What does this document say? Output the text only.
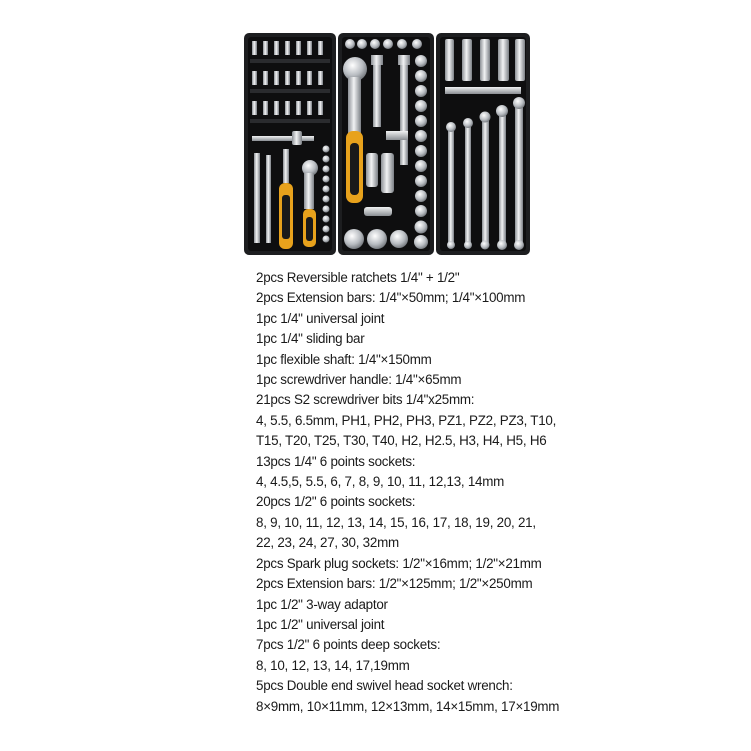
2pcs Reversible ratchets 1/4" + 1/2"
2pcs Extension bars: 1/4"×50mm; 1/4"×100mm
1pc 1/4" universal joint
1pc 1/4" sliding bar
1pc flexible shaft: 1/4"×150mm
1pc screwdriver handle: 1/4"×65mm
21pcs S2 screwdriver bits 1/4"x25mm:
4, 5.5, 6.5mm, PH1, PH2, PH3, PZ1, PZ2, PZ3, T10,
T15, T20, T25, T30, T40, H2, H2.5, H3, H4, H5, H6
13pcs 1/4" 6 points sockets:
4, 4.5,5, 5.5, 6, 7, 8, 9, 10, 11, 12,13, 14mm
20pcs 1/2" 6 points sockets:
8, 9, 10, 11, 12, 13, 14, 15, 16, 17, 18, 19, 20, 21,
22, 23, 24, 27, 30, 32mm
2pcs Spark plug sockets: 1/2"×16mm; 1/2"×21mm
2pcs Extension bars: 1/2"×125mm; 1/2"×250mm
1pc 1/2" 3-way adaptor
1pc 1/2" universal joint
7pcs 1/2" 6 points deep sockets:
8, 10, 12, 13, 14, 17,19mm
5pcs Double end swivel head socket wrench:
8×9mm, 10×11mm, 12×13mm, 14×15mm, 17×19mm
